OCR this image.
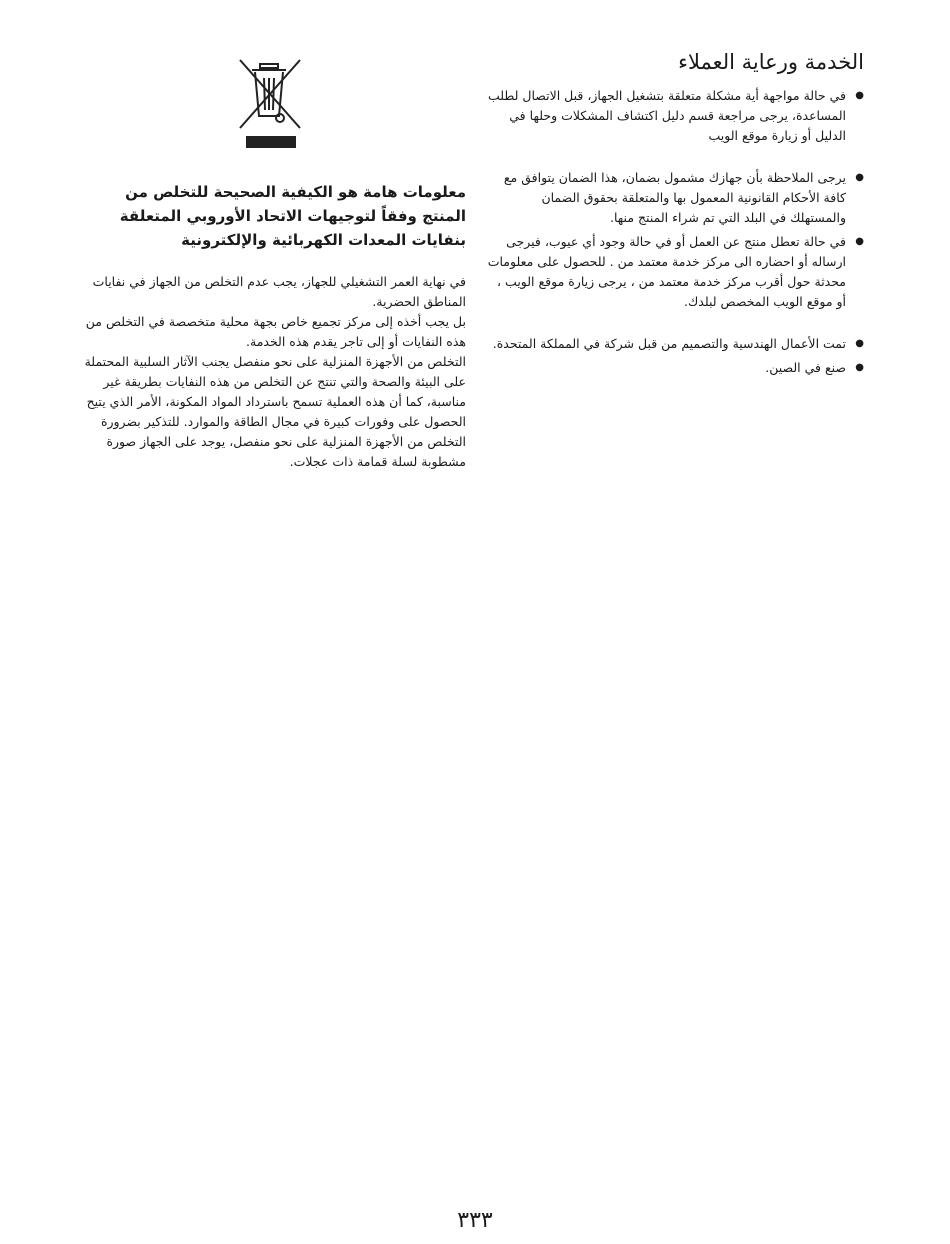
الخدمة ورعاية العملاء
● في حالة مواجهة أية مشكلة متعلقة بتشغيل الجهاز، قبل الاتصال لطلب المساعدة، يرجى مراجعة قسم دليل اكتشاف المشكلات وحلها في الدليل أو زيارة موقع الويب
● يرجى الملاحظة بأن جهازك مشمول بضمان، هذا الضمان يتوافق مع كافة الأحكام القانونية المعمول بها والمتعلقة بحقوق الضمان والمستهلك في البلد التي تم شراء المنتج منها.
● في حالة تعطل منتج عن العمل أو في حالة وجود أي عيوب، فيرجى ارساله أو احضاره الى مركز خدمة معتمد من . للحصول على معلومات محدثة حول أقرب مركز خدمة معتمد من ، يرجى زيارة موقع الويب ، أو موقع الويب المخصص لبلدك.
● تمت الأعمال الهندسية والتصميم من قبل شركة في المملكة المتحدة.
● صنع في الصين.
معلومات هامة هو الكيفية الصحيحة للتخلص من المنتج وفقاً لتوجيهات الاتحاد الأوروبي المتعلقة بنفايات المعدات الكهربائية والإلكترونية

في نهاية العمر التشغيلي للجهاز، يجب عدم التخلص من الجهاز في نفايات المناطق الحضرية.

بل يجب أخذه إلى مركز تجميع خاص بجهة محلية متخصصة في التخلص من هذه النفايات أو إلى تاجر يقدم هذه الخدمة.

التخلص من الأجهزة المنزلية على نحو منفصل يجنب الآثار السلبية المحتملة على البيئة والصحة والتي تنتج عن التخلص من هذه النفايات بطريقة غير مناسبة، كما أن هذه العملية تسمح باسترداد المواد المكونة، الأمر الذي يتيح الحصول على وفورات كبيرة في مجال الطاقة والموارد. للتذكير بضرورة التخلص من الأجهزة المنزلية على نحو منفصل، يوجد على الجهاز صورة مشطوبة لسلة قمامة ذات عجلات.

٣٣٣
